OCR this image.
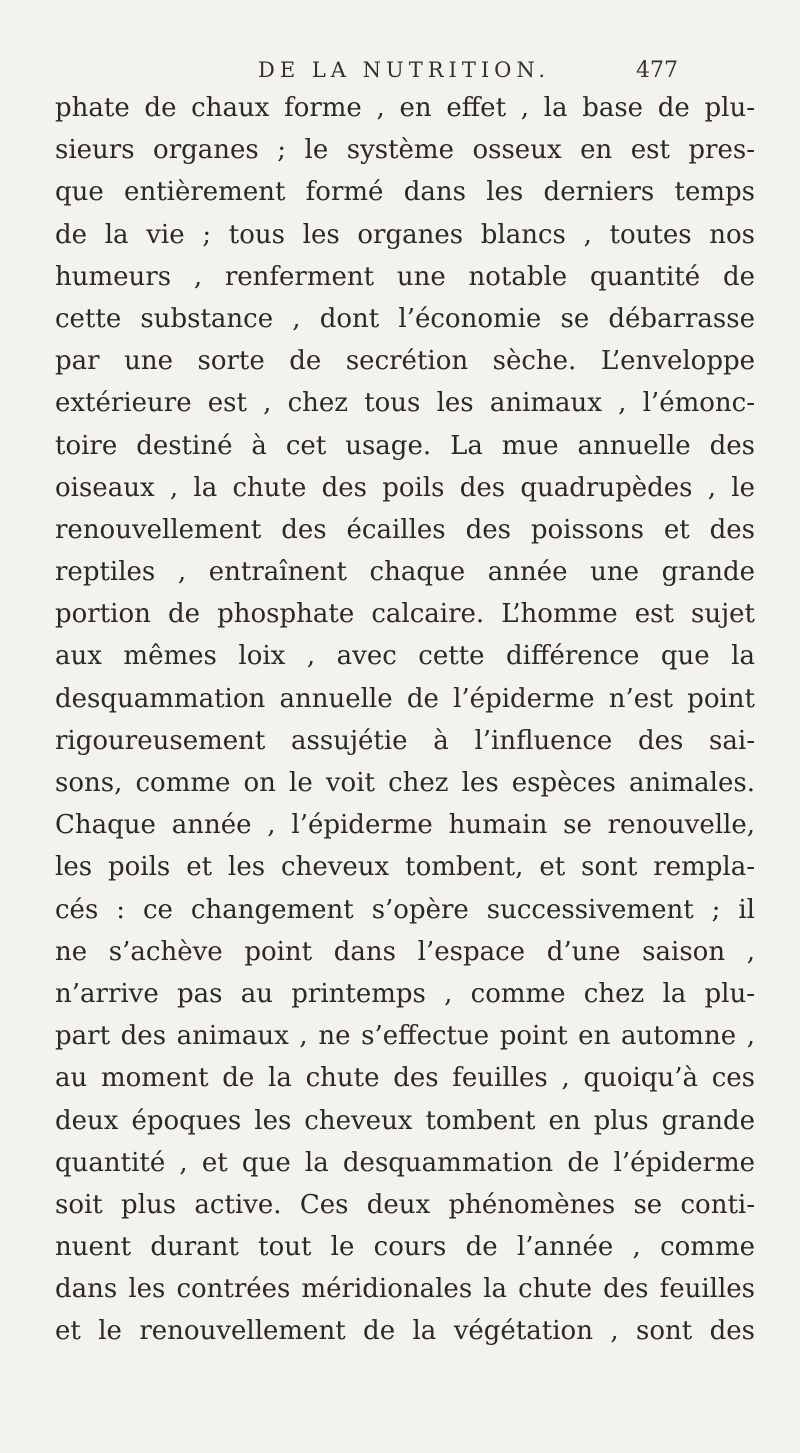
DE LA NUTRITION.	477
phate de chaux forme , en effet , la base de plu-
sieurs organes ; le système osseux en est pres-
que entièrement formé dans les derniers temps
de la vie ; tous les organes blancs , toutes nos
humeurs , renferment une notable quantité de
cette substance , dont l’économie se débarrasse
par une sorte de secrétion sèche. L’enveloppe
extérieure est , chez tous les animaux , l’émonc-
toire destiné à cet usage. La mue annuelle des
oiseaux , la chute des poils des quadrupèdes , le
renouvellement des écailles des poissons et des
reptiles , entraînent chaque année une grande
portion de phosphate calcaire. L’homme est sujet
aux mêmes loix , avec cette différence que la
desquammation annuelle de l’épiderme n’est point
rigoureusement assujétie à l’influence des sai-
sons, comme on le voit chez les espèces animales.
Chaque année , l’épiderme humain se renouvelle,
les poils et les cheveux tombent, et sont rempla-
cés : ce changement s’opère successivement ; il
ne s’achève point dans l’espace d’une saison ,
n’arrive pas au printemps , comme chez la plu-
part des animaux , ne s’effectue point en automne ,
au moment de la chute des feuilles , quoiqu’à ces
deux époques les cheveux tombent en plus grande
quantité , et que la desquammation de l’épiderme
soit plus active. Ces deux phénomènes se conti-
nuent durant tout le cours de l’année , comme
dans les contrées méridionales la chute des feuilles
et le renouvellement de la végétation , sont des
